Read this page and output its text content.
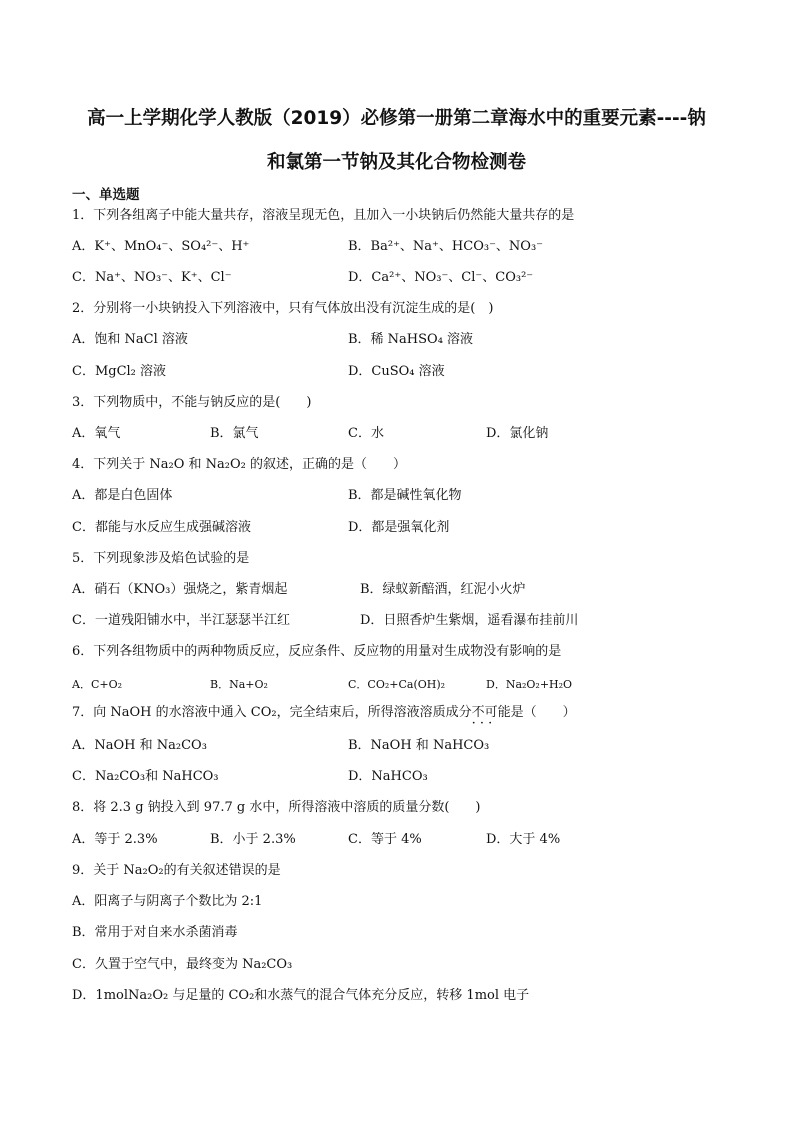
高一上学期化学人教版（2019）必修第一册第二章海水中的重要元素----钠
和氯第一节钠及其化合物检测卷
一、单选题
1．下列各组离子中能大量共存，溶液呈现无色，且加入一小块钠后仍然能大量共存的是
A．K⁺、MnO₄⁻、SO₄²⁻、H⁺	B．Ba²⁺、Na⁺、HCO₃⁻、NO₃⁻
C．Na⁺、NO₃⁻、K⁺、Cl⁻	D．Ca²⁺、NO₃⁻、Cl⁻、CO₃²⁻
2．分别将一小块钠投入下列溶液中，只有气体放出没有沉淀生成的是(　)
A．饱和 NaCl 溶液	B．稀 NaHSO₄ 溶液
C．MgCl₂ 溶液	D．CuSO₄ 溶液
3．下列物质中，不能与钠反应的是(　　)
A．氧气	B．氯气	C．水	D．氯化钠
4．下列关于 Na₂O 和 Na₂O₂ 的叙述，正确的是（　　）
A．都是白色固体	B．都是碱性氧化物
C．都能与水反应生成强碱溶液	D．都是强氧化剂
5．下列现象涉及焰色试验的是
A．硝石（KNO₃）强烧之，紫青烟起	B．绿蚁新醅酒，红泥小火炉
C．一道残阳铺水中，半江瑟瑟半江红	D．日照香炉生紫烟，遥看瀑布挂前川
6．下列各组物质中的两种物质反应，反应条件、反应物的用量对生成物没有影响的是
A．C+O₂	B．Na+O₂	C．CO₂+Ca(OH)₂	D．Na₂O₂+H₂O
7．向 NaOH 的水溶液中通入 CO₂，完全结束后，所得溶液溶质成分不可能 · · ·是（　　）
A．NaOH 和 Na₂CO₃	B．NaOH 和 NaHCO₃
C．Na₂CO₃和 NaHCO₃	D．NaHCO₃
8．将 2.3 g 钠投入到 97.7 g 水中，所得溶液中溶质的质量分数(　　)
A．等于 2.3%	B．小于 2.3%	C．等于 4%	D．大于 4%
9．关于 Na₂O₂的有关叙述错误的是
A．阳离子与阴离子个数比为 2:1
B．常用于对自来水杀菌消毒
C．久置于空气中，最终变为 Na₂CO₃
D．1molNa₂O₂ 与足量的 CO₂和水蒸气的混合气体充分反应，转移 1mol 电子
